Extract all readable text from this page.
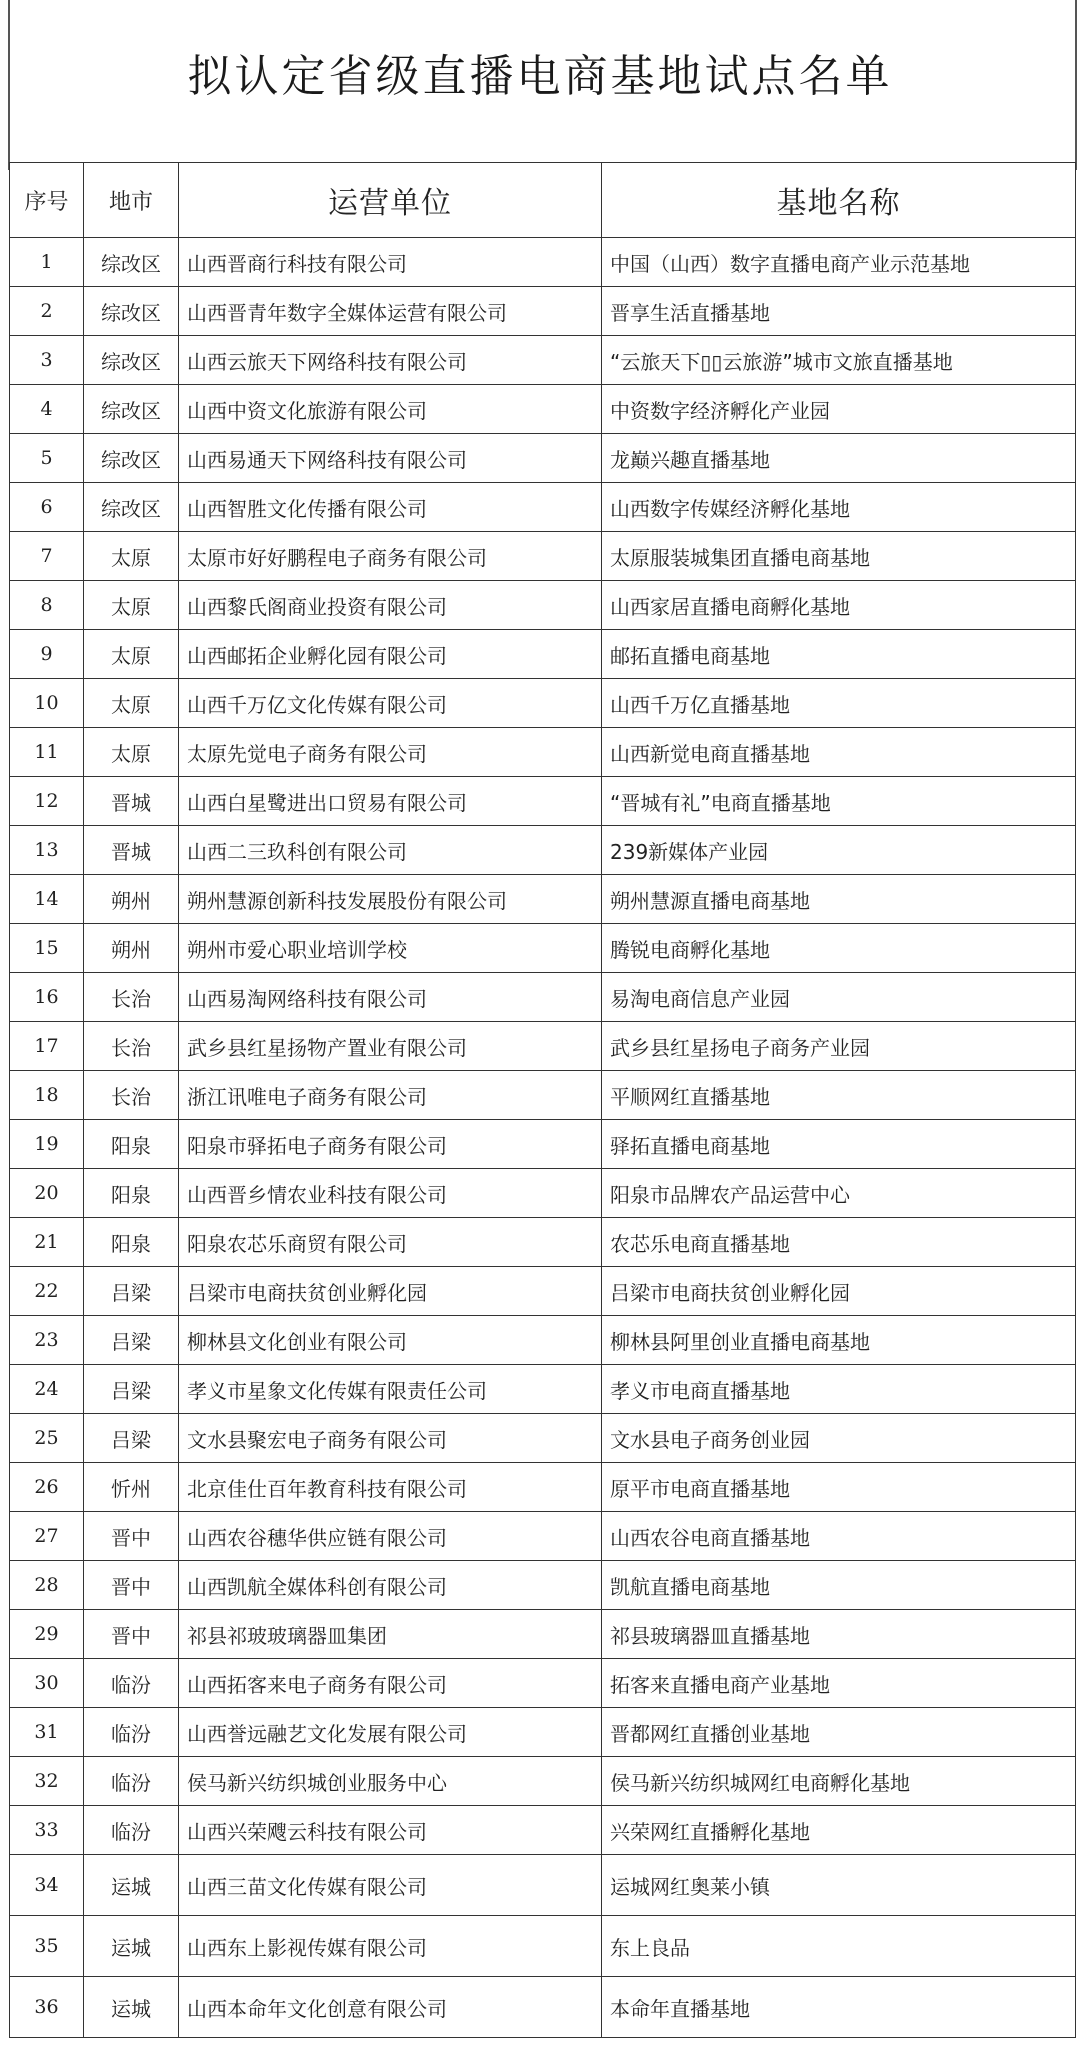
拟认定省级直播电商基地试点名单
序号	地市	运营单位	基地名称
1	综改区	山西晋商行科技有限公司	中国（山西）数字直播电商产业示范基地
2	综改区	山西晋青年数字全媒体运营有限公司	晋享生活直播基地
3	综改区	山西云旅天下网络科技有限公司	“云旅天下▯▯云旅游”城市文旅直播基地
4	综改区	山西中资文化旅游有限公司	中资数字经济孵化产业园
5	综改区	山西易通天下网络科技有限公司	龙巅兴趣直播基地
6	综改区	山西智胜文化传播有限公司	山西数字传媒经济孵化基地
7	太原	太原市好好鹏程电子商务有限公司	太原服装城集团直播电商基地
8	太原	山西黎氏阁商业投资有限公司	山西家居直播电商孵化基地
9	太原	山西邮拓企业孵化园有限公司	邮拓直播电商基地
10	太原	山西千万亿文化传媒有限公司	山西千万亿直播基地
11	太原	太原先觉电子商务有限公司	山西新觉电商直播基地
12	晋城	山西白星鹭进出口贸易有限公司	“晋城有礼”电商直播基地
13	晋城	山西二三玖科创有限公司	239新媒体产业园
14	朔州	朔州慧源创新科技发展股份有限公司	朔州慧源直播电商基地
15	朔州	朔州市爱心职业培训学校	腾锐电商孵化基地
16	长治	山西易淘网络科技有限公司	易淘电商信息产业园
17	长治	武乡县红星扬物产置业有限公司	武乡县红星扬电子商务产业园
18	长治	浙江讯唯电子商务有限公司	平顺网红直播基地
19	阳泉	阳泉市驿拓电子商务有限公司	驿拓直播电商基地
20	阳泉	山西晋乡情农业科技有限公司	阳泉市品牌农产品运营中心
21	阳泉	阳泉农芯乐商贸有限公司	农芯乐电商直播基地
22	吕梁	吕梁市电商扶贫创业孵化园	吕梁市电商扶贫创业孵化园
23	吕梁	柳林县文化创业有限公司	柳林县阿里创业直播电商基地
24	吕梁	孝义市星象文化传媒有限责任公司	孝义市电商直播基地
25	吕梁	文水县聚宏电子商务有限公司	文水县电子商务创业园
26	忻州	北京佳仕百年教育科技有限公司	原平市电商直播基地
27	晋中	山西农谷穗华供应链有限公司	山西农谷电商直播基地
28	晋中	山西凯航全媒体科创有限公司	凯航直播电商基地
29	晋中	祁县祁玻玻璃器皿集团	祁县玻璃器皿直播基地
30	临汾	山西拓客来电子商务有限公司	拓客来直播电商产业基地
31	临汾	山西誉远融艺文化发展有限公司	晋都网红直播创业基地
32	临汾	侯马新兴纺织城创业服务中心	侯马新兴纺织城网红电商孵化基地
33	临汾	山西兴荣飕云科技有限公司	兴荣网红直播孵化基地
34	运城	山西三苗文化传媒有限公司	运城网红奥莱小镇
35	运城	山西东上影视传媒有限公司	东上良品
36	运城	山西本命年文化创意有限公司	本命年直播基地
